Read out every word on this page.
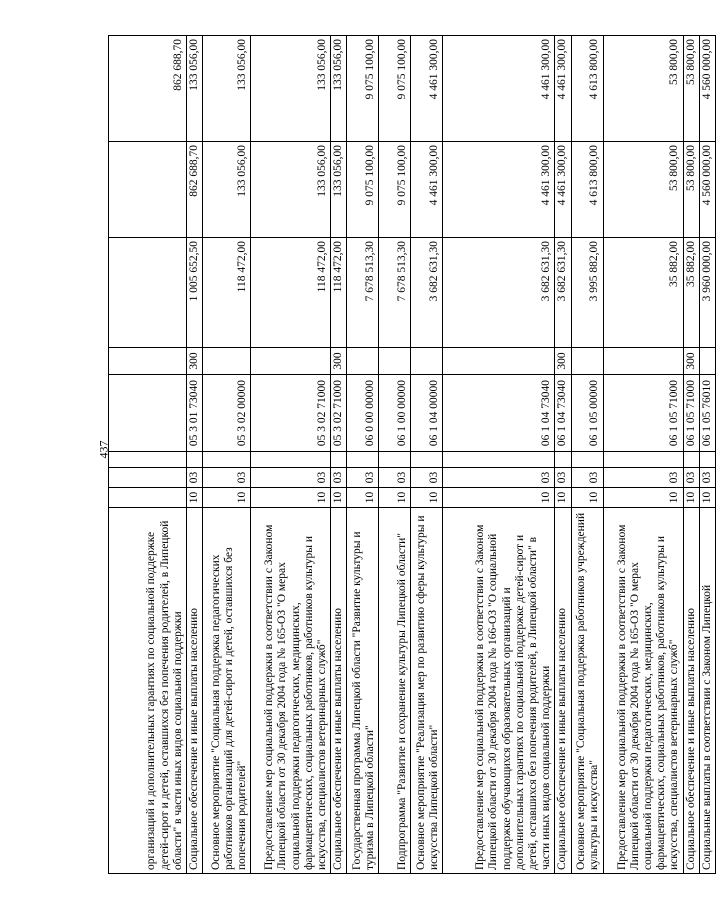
437
организаций и дополнительных гарантиях по социальной поддержке детей-сирот и детей, оставшихся без попечения родителей, в Липецкой области" в части иных видов социальной поддержки								862 688,70
Социальное обеспечение и иные выплаты населению	10	03		05 3 01 73040	300	1 005 652,50	862 688,70	133 056,00
Основное мероприятие "Социальная поддержка педагогических работников организаций для детей-сирот и детей, оставшихся без попечения родителей"	10	03		05 3 02 00000		118 472,00	133 056,00	133 056,00
Предоставление мер социальной поддержки в соответствии с Законом Липецкой области от 30 декабря 2004 года № 165-ОЗ "О мерах социальной поддержки педагогических, медицинских, фармацевтических, социальных работников, работников культуры и искусства, специалистов ветеринарных служб"	10	03		05 3 02 71000		118 472,00	133 056,00	133 056,00
Социальное обеспечение и иные выплаты населению	10	03		05 3 02 71000	300	118 472,00	133 056,00	133 056,00
Государственная программа Липецкой области "Развитие культуры и туризма в Липецкой области"	10	03		06 0 00 00000		7 678 513,30	9 075 100,00	9 075 100,00
Подпрограмма "Развитие и сохранение культуры Липецкой области"	10	03		06 1 00 00000		7 678 513,30	9 075 100,00	9 075 100,00
Основное мероприятие "Реализация мер по развитию сферы культуры и искусства Липецкой области"	10	03		06 1 04 00000		3 682 631,30	4 461 300,00	4 461 300,00
Предоставление мер социальной поддержки в соответствии с Законом Липецкой области от 30 декабря 2004 года № 166-ОЗ "О социальной поддержке обучающихся образовательных организаций и дополнительных гарантиях по социальной поддержке детей-сирот и детей, оставшихся без попечения родителей, в Липецкой области" в части иных видов социальной поддержки	10	03		06 1 04 73040		3 682 631,30	4 461 300,00	4 461 300,00
Социальное обеспечение и иные выплаты населению	10	03		06 1 04 73040	300	3 682 631,30	4 461 300,00	4 461 300,00
Основное мероприятие "Социальная поддержка работников учреждений культуры и искусства"	10	03		06 1 05 00000		3 995 882,00	4 613 800,00	4 613 800,00
Предоставление мер социальной поддержки в соответствии с Законом Липецкой области от 30 декабря 2004 года № 165-ОЗ "О мерах социальной поддержки педагогических, медицинских, фармацевтических, социальных работников, работников культуры и искусства, специалистов ветеринарных служб"	10	03		06 1 05 71000		35 882,00	53 800,00	53 800,00
Социальное обеспечение и иные выплаты населению	10	03		06 1 05 71000	300	35 882,00	53 800,00	53 800,00
Социальные выплаты в соответствии с Законом Липецкой	10	03		06 1 05 76010		3 960 000,00	4 560 000,00	4 560 000,00
